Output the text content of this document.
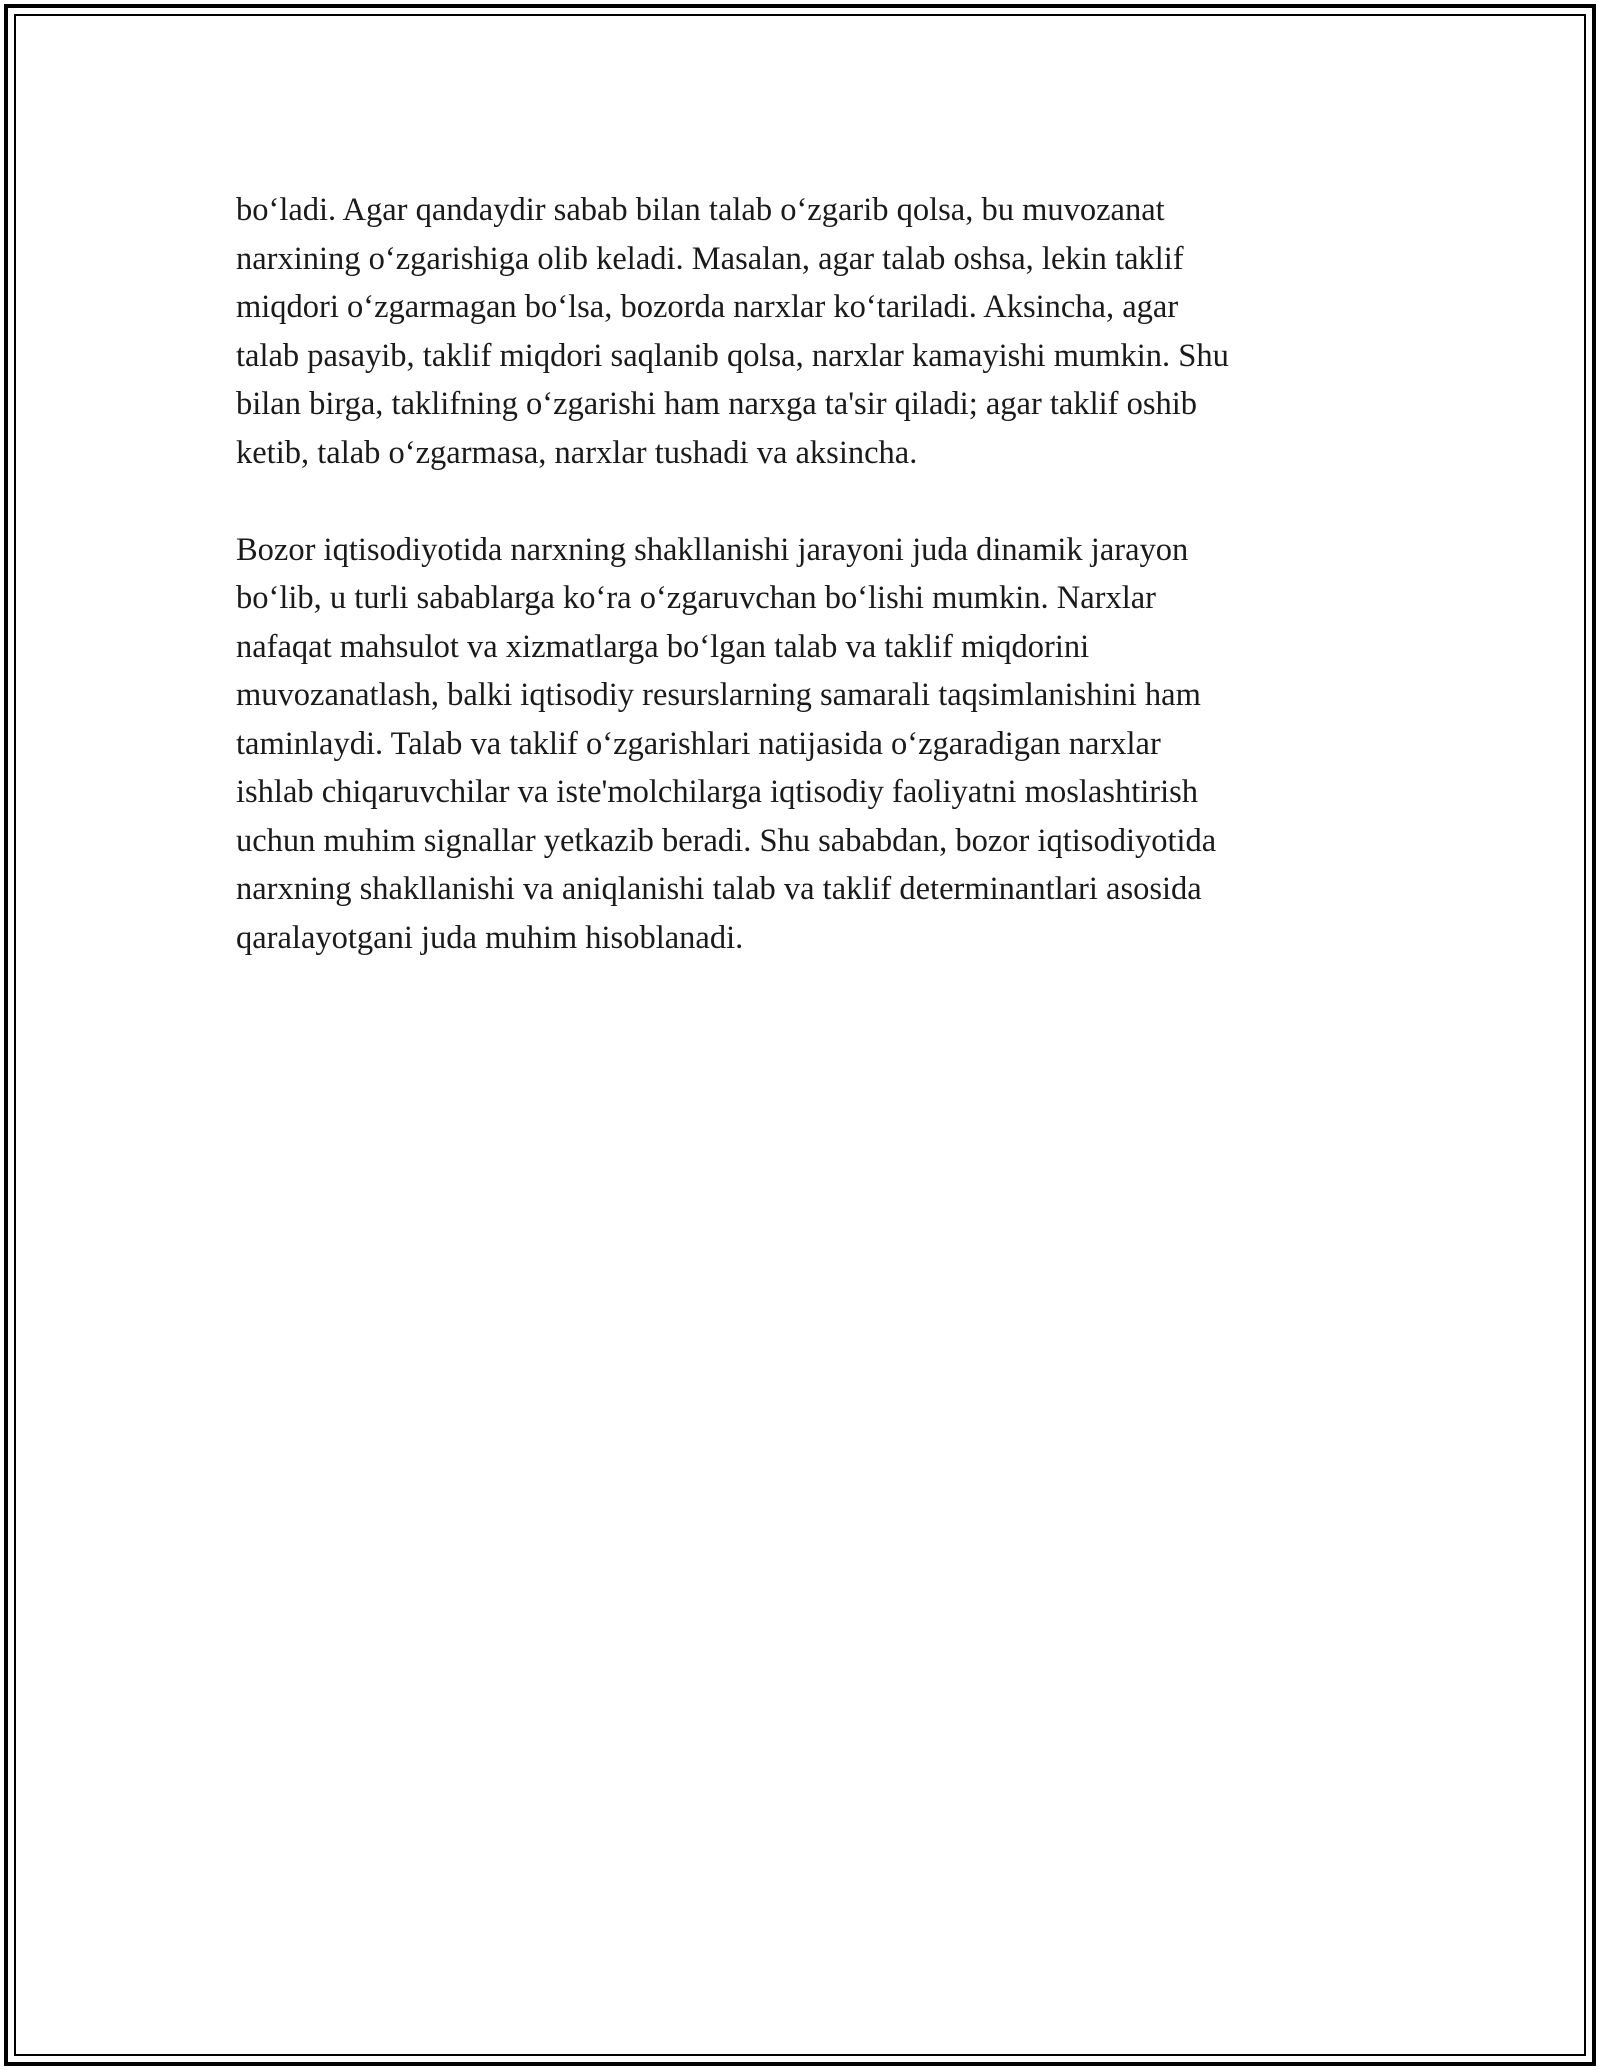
bo‘ladi. Agar qandaydir sabab bilan talab o‘zgarib qolsa, bu muvozanat
narxining o‘zgarishiga olib keladi. Masalan, agar talab oshsa, lekin taklif
miqdori o‘zgarmagan bo‘lsa, bozorda narxlar ko‘tariladi. Aksincha, agar
talab pasayib, taklif miqdori saqlanib qolsa, narxlar kamayishi mumkin. Shu
bilan birga, taklifning o‘zgarishi ham narxga ta'sir qiladi; agar taklif oshib
ketib, talab o‘zgarmasa, narxlar tushadi va aksincha.

Bozor iqtisodiyotida narxning shakllanishi jarayoni juda dinamik jarayon
bo‘lib, u turli sabablarga ko‘ra o‘zgaruvchan bo‘lishi mumkin. Narxlar
nafaqat mahsulot va xizmatlarga bo‘lgan talab va taklif miqdorini
muvozanatlash, balki iqtisodiy resurslarning samarali taqsimlanishini ham
taminlaydi. Talab va taklif o‘zgarishlari natijasida o‘zgaradigan narxlar
ishlab chiqaruvchilar va iste'molchilarga iqtisodiy faoliyatni moslashtirish
uchun muhim signallar yetkazib beradi. Shu sababdan, bozor iqtisodiyotida
narxning shakllanishi va aniqlanishi talab va taklif determinantlari asosida
qaralayotgani juda muhim hisoblanadi.
